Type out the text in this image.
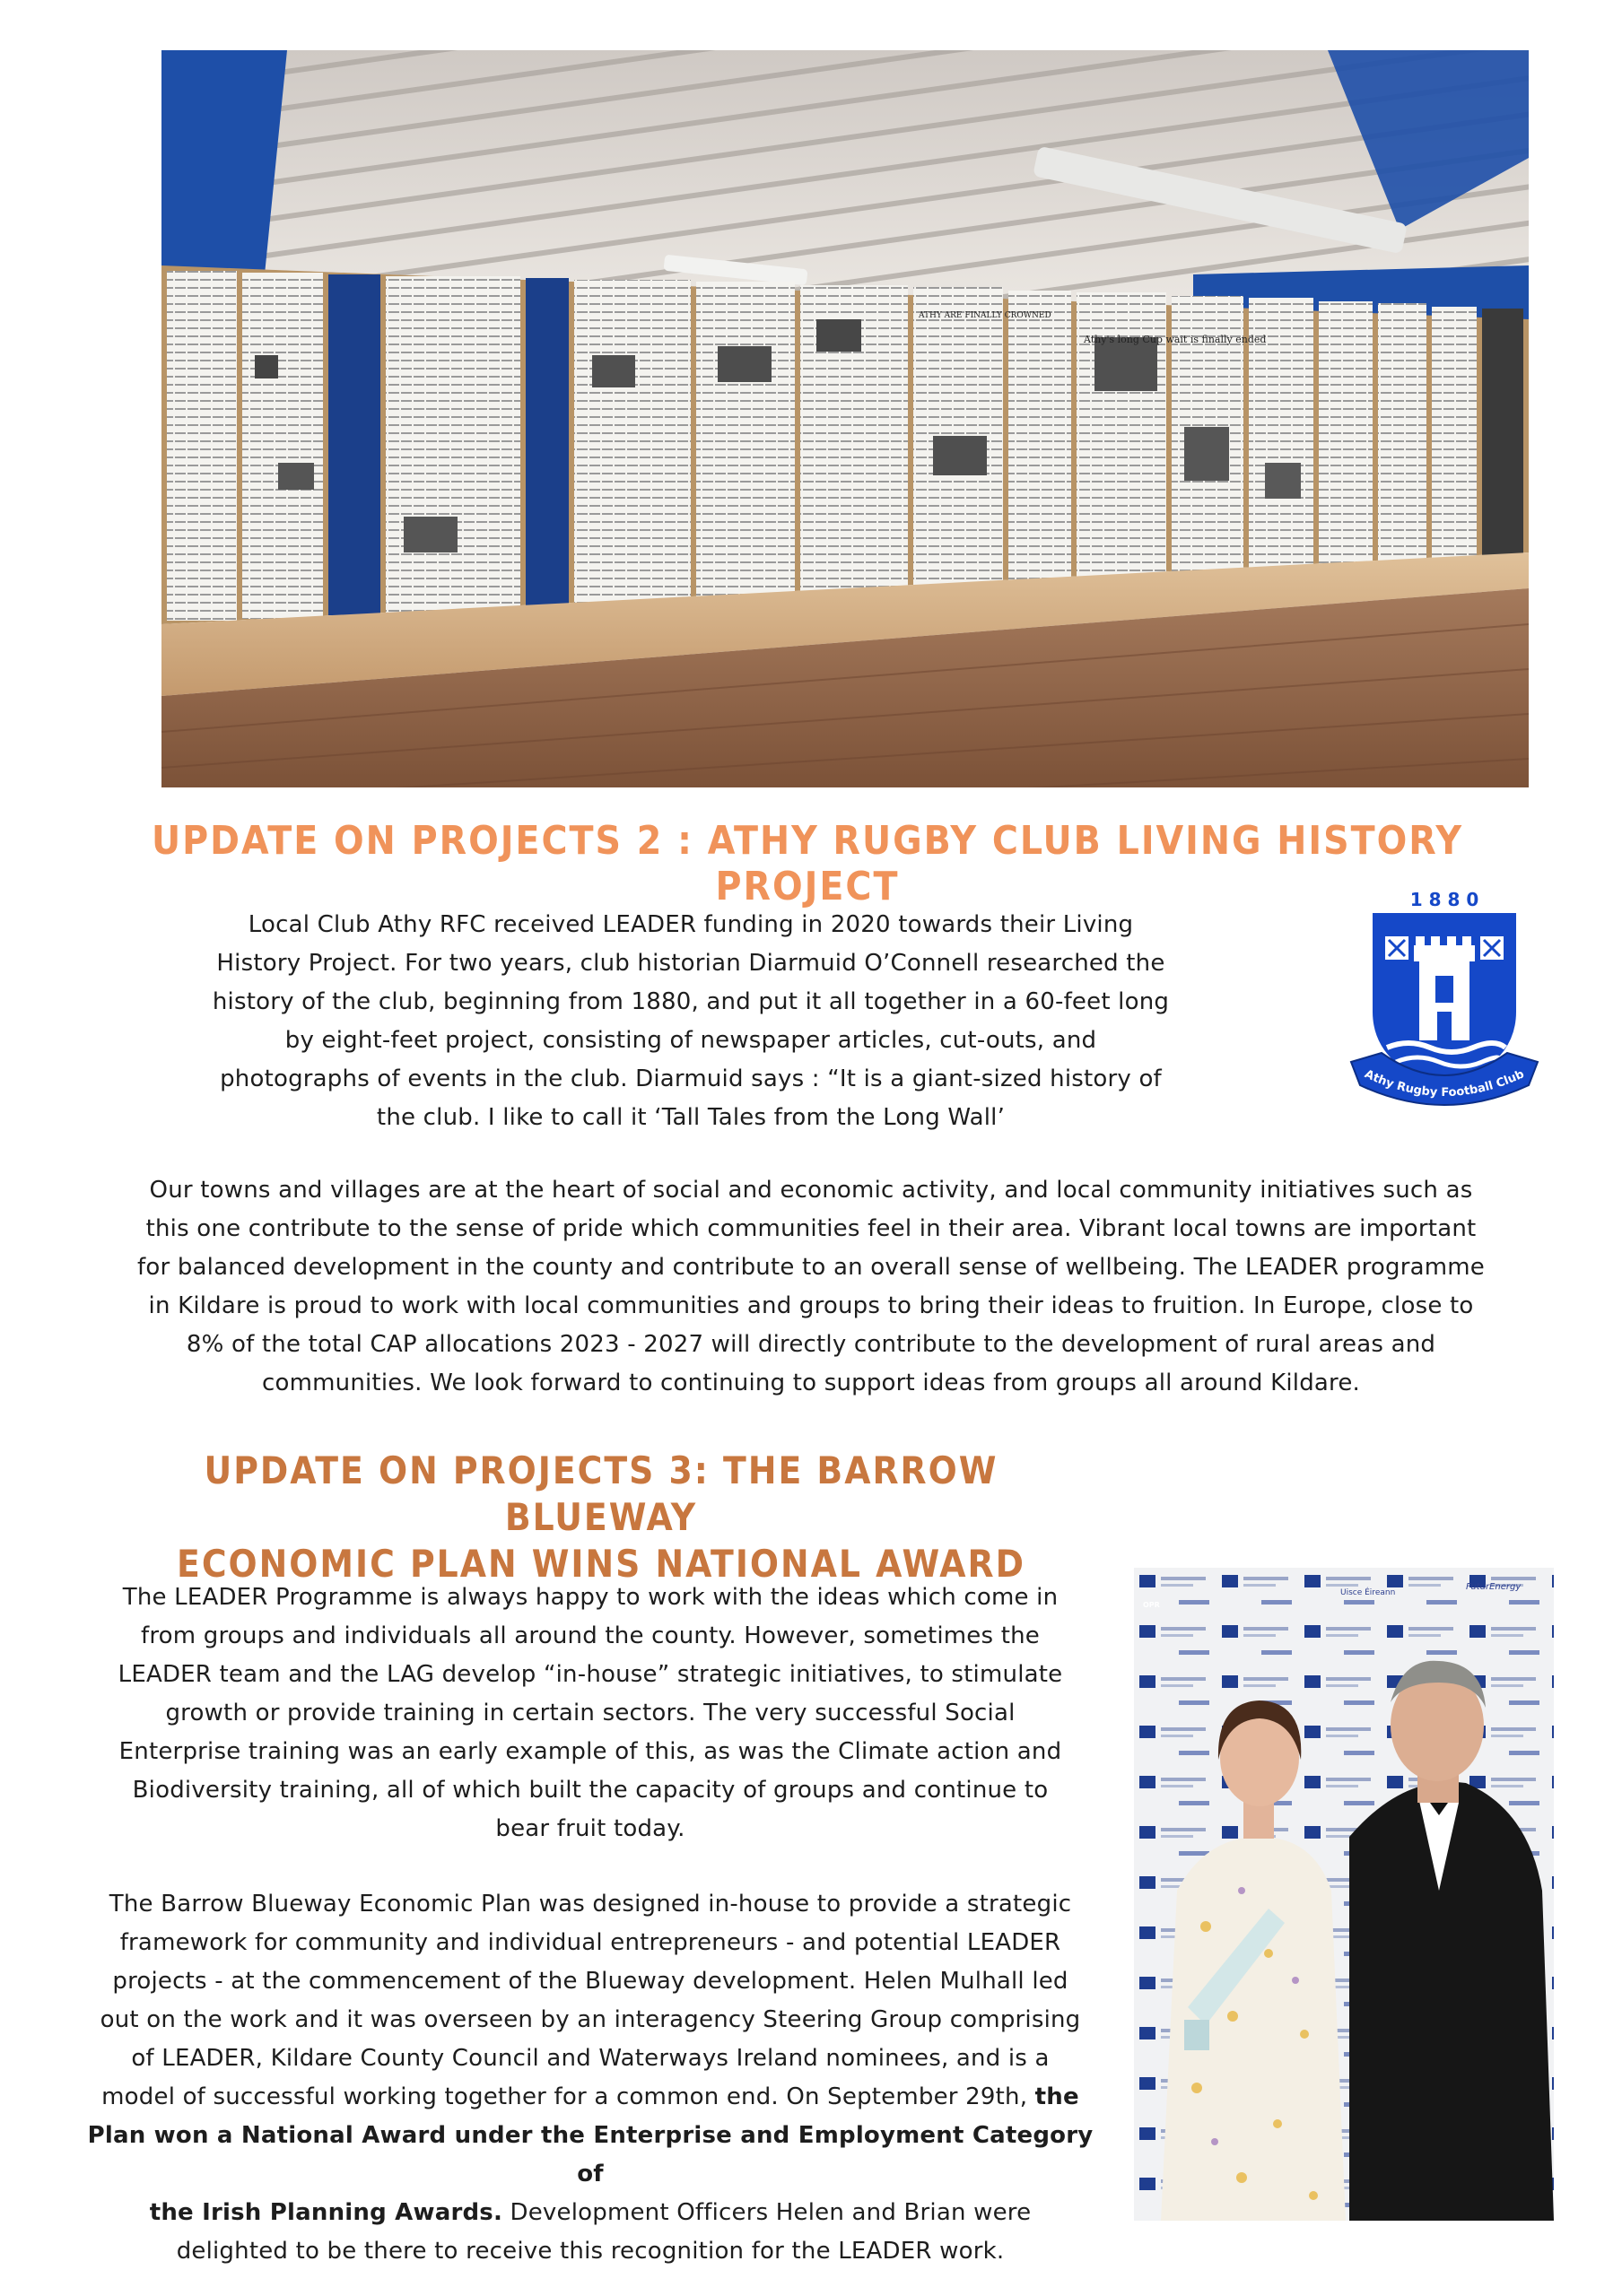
Athy's long Cup wait is finally ended
ATHY ARE FINALLY CROWNED
UPDATE ON PROJECTS 2 : ATHY RUGBY CLUB LIVING HISTORY PROJECT
Local Club Athy RFC received LEADER funding in 2020 towards their Living
History Project. For two years, club historian Diarmuid O’Connell researched the
history of the club, beginning from 1880, and put it all together in a 60-feet long
by eight-feet project, consisting of newspaper articles, cut-outs, and
photographs of events in the club. Diarmuid says : “It is a giant-sized history of
the club. I like to call it ‘Tall Tales from the Long Wall’
1 8 8 0
Athy Rugby Football Club
Our towns and villages are at the heart of social and economic activity, and local community initiatives such as
this one contribute to the sense of pride which communities feel in their area. Vibrant local towns are important
for balanced development in the county and contribute to an overall sense of wellbeing. The LEADER programme
in Kildare is proud to work with local communities and groups to bring their ideas to fruition. In Europe, close to
8% of the total CAP allocations 2023 - 2027 will directly contribute to the development of rural areas and
communities. We look forward to continuing to support ideas from groups all around Kildare.
UPDATE ON PROJECTS 3: THE BARROW BLUEWAY
ECONOMIC PLAN WINS NATIONAL AWARD
The LEADER Programme is always happy to work with the ideas which come in
from groups and individuals all around the county. However, sometimes the
LEADER team and the LAG develop “in-house” strategic initiatives, to stimulate
growth or provide training in certain sectors. The very successful Social
Enterprise training was an early example of this, as was the Climate action and
Biodiversity training, all of which built the capacity of groups and continue to
bear fruit today.
The Barrow Blueway Economic Plan was designed in-house to provide a strategic
framework for community and individual entrepreneurs - and potential LEADER
projects - at the commencement of the Blueway development. Helen Mulhall led
out on the work and it was overseen by an interagency Steering Group comprising
of LEADER, Kildare County Council and Waterways Ireland nominees, and is a
model of successful working together for a common end. On September 29th, the
Plan won a National Award under the Enterprise and Employment Category of
the Irish Planning Awards. Development Officers Helen and Brian were
delighted to be there to receive this recognition for the LEADER work.
Uisce Éireann
FuturEnergy
OPR
